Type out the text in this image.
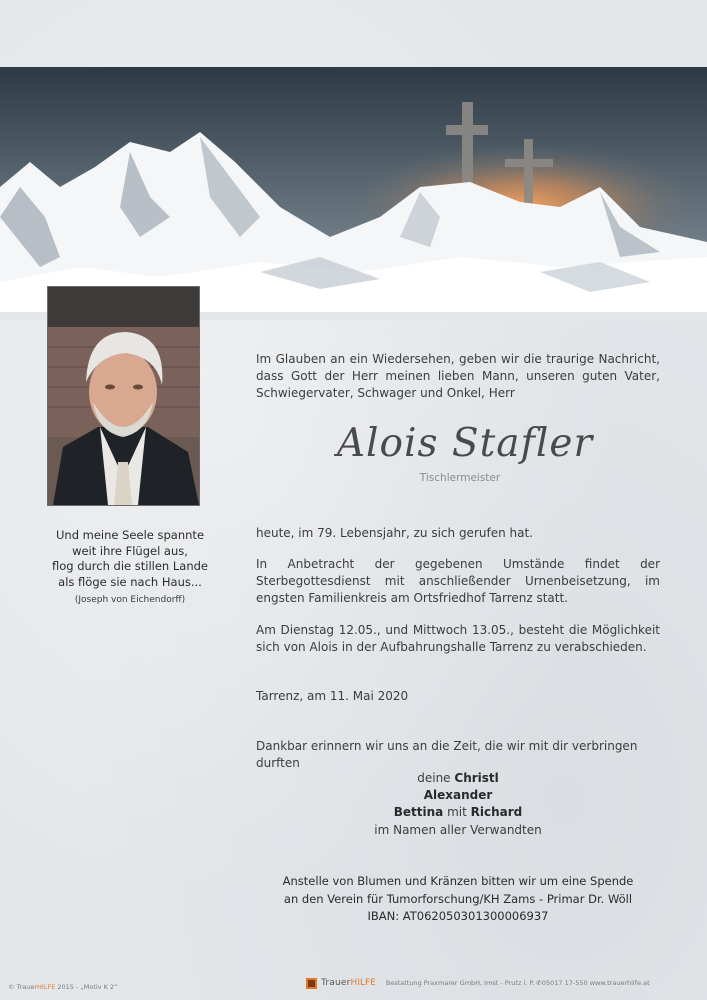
Und meine Seele spannte
weit ihre Flügel aus,
flog durch die stillen Lande
als flöge sie nach Haus...
(Joseph von Eichendorff)
Im Glauben an ein Wiedersehen, geben wir die traurige Nachricht, dass Gott der Herr meinen lieben Mann, unseren guten Vater, Schwiegervater, Schwager und Onkel, Herr
Alois Stafler
Tischlermeister
heute, im 79. Lebensjahr, zu sich gerufen hat.
In Anbetracht der gegebenen Umstände findet der Sterbegottesdienst mit anschließender Urnenbeisetzung, im engsten Familienkreis am Ortsfriedhof Tarrenz statt.
Am Dienstag 12.05., und Mittwoch 13.05., besteht die Möglichkeit sich von Alois in der Aufbahrungshalle Tarrenz zu verabschieden.
Tarrenz, am 11. Mai 2020
Dankbar erinnern wir uns an die Zeit, die wir mit dir verbringen durften
deine Christl
Alexander
Bettina mit Richard
im Namen aller Verwandten
Anstelle von Blumen und Kränzen bitten wir um eine Spende
an den Verein für Tumorforschung/KH Zams - Primar Dr. Wöll
IBAN: AT062050301300006937
© TrauerHILFE 2015 - „Motiv K 2“	TrauerHILFE Bestattung Praxmarer GmbH, Imst - Prutz i. P. ✆05017 17-550 www.trauerhilfe.at
